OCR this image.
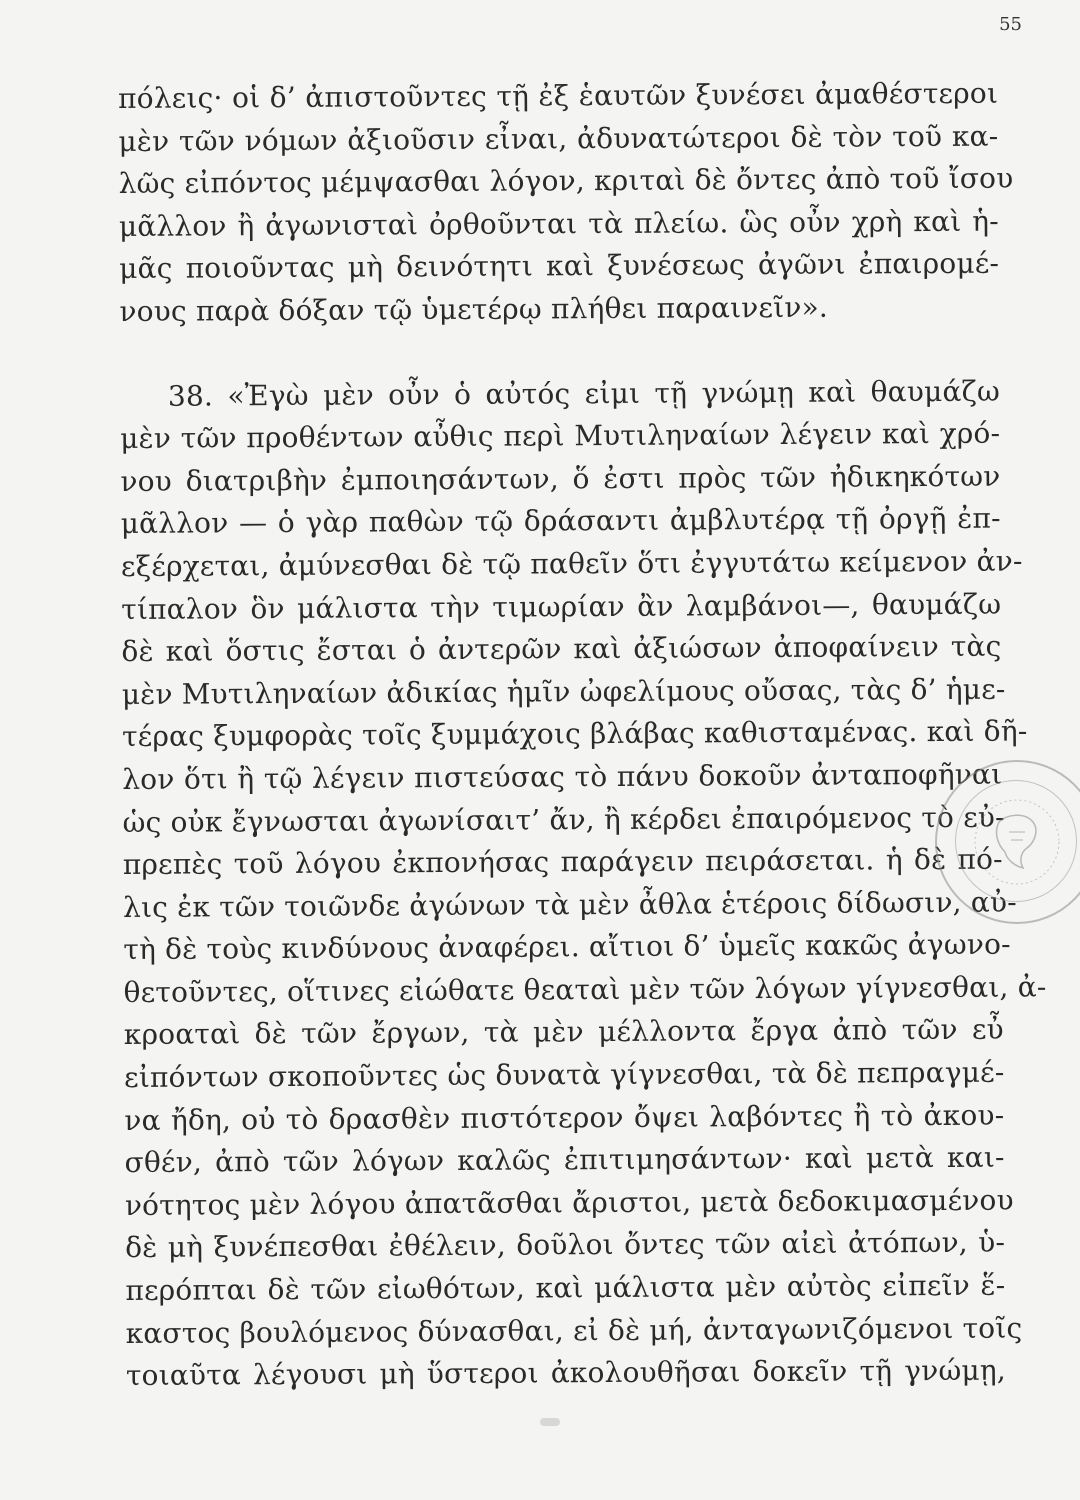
55
πόλεις· οἱ δ’ ἀπιστοῦντες τῇ ἐξ ἑαυτῶν ξυνέσει ἀμαθέστεροι
μὲν τῶν νόμων ἀξιοῦσιν εἶναι, ἀδυνατώτεροι δὲ τὸν τοῦ κα-
λῶς εἰπόντος μέμψασθαι λόγον, κριταὶ δὲ ὄντες ἀπὸ τοῦ ἴσου
μᾶλλον ἢ ἀγωνισταὶ ὀρθοῦνται τὰ πλείω. ὣς οὖν χρὴ καὶ ἡ-
μᾶς ποιοῦντας μὴ δεινότητι καὶ ξυνέσεως ἀγῶνι ἐπαιρομέ-
νους παρὰ δόξαν τῷ ὑμετέρῳ πλήθει παραινεῖν».
38. «Ἐγὼ μὲν οὖν ὁ αὐτός εἰμι τῇ γνώμῃ καὶ θαυμάζω
μὲν τῶν προθέντων αὖθις περὶ Μυτιληναίων λέγειν καὶ χρό-
νου διατριβὴν ἐμποιησάντων, ὅ ἐστι πρὸς τῶν ἠδικηκότων
μᾶλλον — ὁ γὰρ παθὼν τῷ δράσαντι ἀμβλυτέρᾳ τῇ ὀργῇ ἐπ-
εξέρχεται, ἀμύνεσθαι δὲ τῷ παθεῖν ὅτι ἐγγυτάτω κείμενον ἀν-
τίπαλον ὃν μάλιστα τὴν τιμωρίαν ἂν λαμβάνοι—, θαυμάζω
δὲ καὶ ὅστις ἔσται ὁ ἀντερῶν καὶ ἀξιώσων ἀποφαίνειν τὰς
μὲν Μυτιληναίων ἀδικίας ἡμῖν ὠφελίμους οὔσας, τὰς δ’ ἡμε-
τέρας ξυμφορὰς τοῖς ξυμμάχοις βλάβας καθισταμένας. καὶ δῆ-
λον ὅτι ἢ τῷ λέγειν πιστεύσας τὸ πάνυ δοκοῦν ἀνταποφῆναι
ὡς οὐκ ἔγνωσται ἀγωνίσαιτ’ ἄν, ἢ κέρδει ἐπαιρόμενος τὸ εὐ-
πρεπὲς τοῦ λόγου ἐκπονήσας παράγειν πειράσεται. ἡ δὲ πό-
λις ἐκ τῶν τοιῶνδε ἀγώνων τὰ μὲν ἆθλα ἑτέροις δίδωσιν, αὐ-
τὴ δὲ τοὺς κινδύνους ἀναφέρει. αἴτιοι δ’ ὑμεῖς κακῶς ἀγωνο-
θετοῦντες, οἵτινες εἰώθατε θεαταὶ μὲν τῶν λόγων γίγνεσθαι, ἀ-
κροαταὶ δὲ τῶν ἔργων, τὰ μὲν μέλλοντα ἔργα ἀπὸ τῶν εὖ
εἰπόντων σκοποῦντες ὡς δυνατὰ γίγνεσθαι, τὰ δὲ πεπραγμέ-
να ἤδη, οὐ τὸ δρασθὲν πιστότερον ὄψει λαβόντες ἢ τὸ ἀκου-
σθέν, ἀπὸ τῶν λόγων καλῶς ἐπιτιμησάντων· καὶ μετὰ και-
νότητος μὲν λόγου ἀπατᾶσθαι ἄριστοι, μετὰ δεδοκιμασμένου
δὲ μὴ ξυνέπεσθαι ἐθέλειν, δοῦλοι ὄντες τῶν αἰεὶ ἀτόπων, ὑ-
περόπται δὲ τῶν εἰωθότων, καὶ μάλιστα μὲν αὐτὸς εἰπεῖν ἕ-
καστος βουλόμενος δύνασθαι, εἰ δὲ μή, ἀνταγωνιζόμενοι τοῖς
τοιαῦτα λέγουσι μὴ ὕστεροι ἀκολουθῆσαι δοκεῖν τῇ γνώμῃ,
